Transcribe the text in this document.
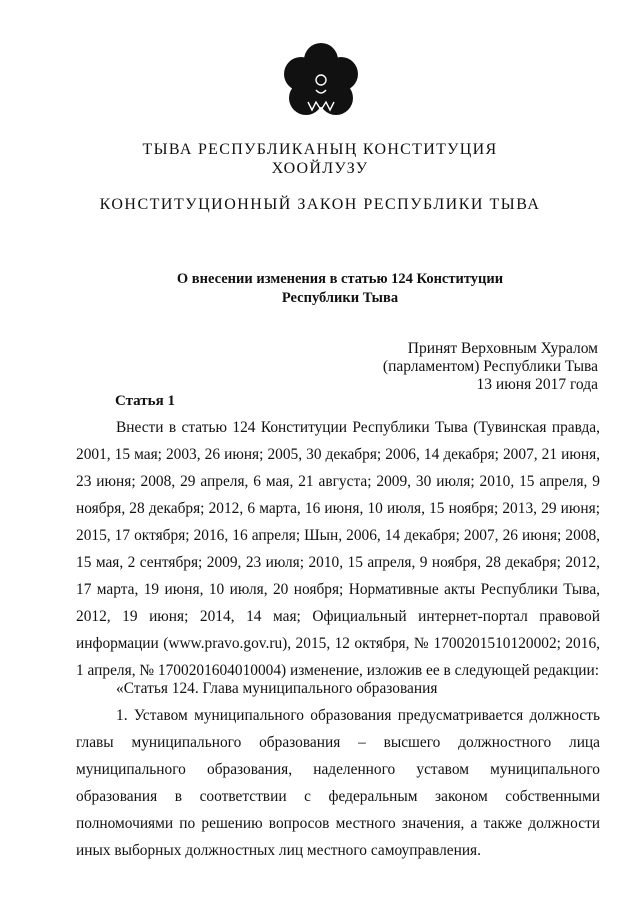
ТЫВА РЕСПУБЛИКАНЫҢ КОНСТИТУЦИЯ
ХООЙЛУЗУ
КОНСТИТУЦИОННЫЙ ЗАКОН РЕСПУБЛИКИ ТЫВА
О внесении изменения в статью 124 Конституции
Республики Тыва
Принят Верховным Хуралом
(парламентом) Республики Тыва
13 июня 2017 года
Статья 1

Внести в статью 124 Конституции Республики Тыва (Тувинская правда, 2001, 15 мая; 2003, 26 июня; 2005, 30 декабря; 2006, 14 декабря; 2007, 21 июня, 23 июня; 2008, 29 апреля, 6 мая, 21 августа; 2009, 30 июля; 2010, 15 апреля, 9 ноября, 28 декабря; 2012, 6 марта, 16 июня, 10 июля, 15 ноября; 2013, 29 июня; 2015, 17 октября; 2016, 16 апреля; Шын, 2006, 14 декабря; 2007, 26 июня; 2008, 15 мая, 2 сентября; 2009, 23 июля; 2010, 15 апреля, 9 ноября, 28 декабря; 2012, 17 марта, 19 июня, 10 июля, 20 ноября; Нормативные акты Республики Тыва, 2012, 19 июня; 2014, 14 мая; Официальный интернет-портал правовой информации (www.pravo.gov.ru), 2015, 12 октября, № 1700201510120002; 2016, 1 апреля, № 1700201604010004) изменение, изложив ее в следующей редакции:

«Статья 124. Глава муниципального образования

1. Уставом муниципального образования предусматривается должность главы муниципального образования – высшего должностного лица муниципального образования, наделенного уставом муниципального образования в соответствии с федеральным законом собственными полномочиями по решению вопросов местного значения, а также должности иных выборных должностных лиц местного самоуправления.
